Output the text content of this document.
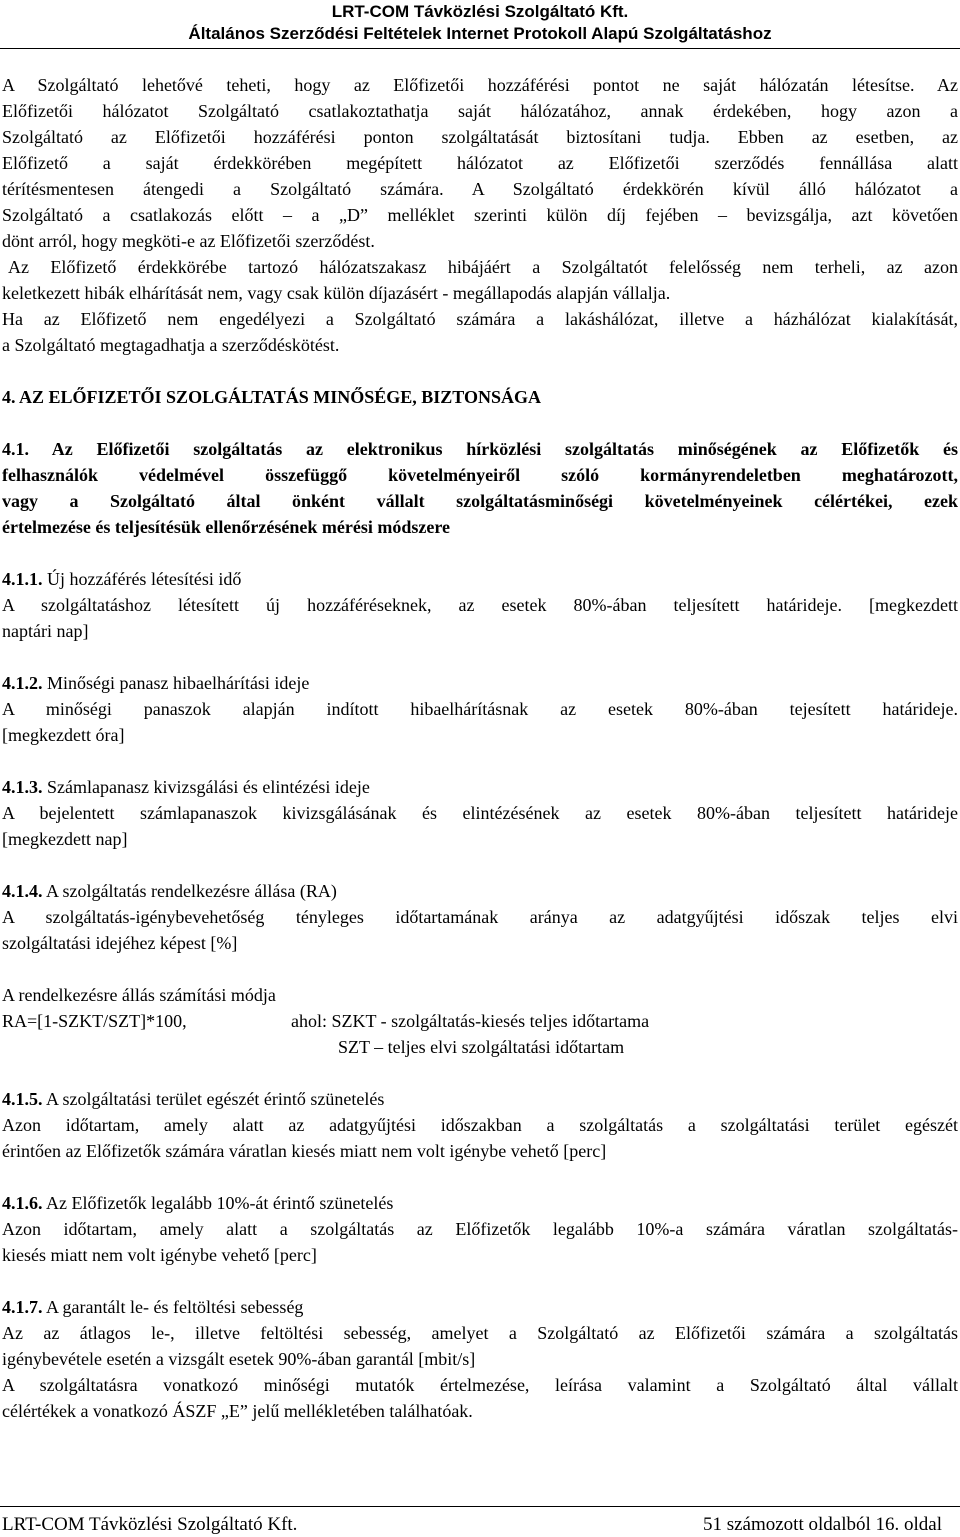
LRT-COM Távközlési Szolgáltató Kft.
Általános Szerződési Feltételek Internet Protokoll Alapú Szolgáltatáshoz

A Szolgáltató lehetővé teheti, hogy az Előfizetői hozzáférési pontot ne saját hálózatán létesítse. Az

Előfizetői hálózatot Szolgáltató csatlakoztathatja saját hálózatához, annak érdekében, hogy azon a

Szolgáltató az Előfizetői hozzáférési ponton szolgáltatását biztosítani tudja. Ebben az esetben, az

Előfizető a saját érdekkörében megépített hálózatot az Előfizetői szerződés fennállása alatt

térítésmentesen átengedi a Szolgáltató számára. A Szolgáltató érdekkörén kívül álló hálózatot a

Szolgáltató a csatlakozás előtt – a „D” melléklet szerinti külön díj fejében – bevizsgálja, azt követően

dönt arról, hogy megköti-e az Előfizetői szerződést.

Az Előfizető érdekkörébe tartozó hálózatszakasz hibájáért a Szolgáltatót felelősség nem terheli, az azon

keletkezett hibák elhárítását nem, vagy csak külön díjazásért - megállapodás alapján vállalja.

Ha az Előfizető nem engedélyezi a Szolgáltató számára a lakáshálózat, illetve a házhálózat kialakítását,

a Szolgáltató megtagadhatja a szerződéskötést.

4. AZ ELŐFIZETŐI SZOLGÁLTATÁS MINŐSÉGE, BIZTONSÁGA

4.1. Az Előfizetői szolgáltatás az elektronikus hírközlési szolgáltatás minőségének az Előfizetők és

felhasználók védelmével összefüggő követelményeiről szóló kormányrendeletben meghatározott,

vagy a Szolgáltató által önként vállalt szolgáltatásminőségi követelményeinek célértékei, ezek

értelmezése és teljesítésük ellenőrzésének mérési módszere

4.1.1. Új hozzáférés létesítési idő

A szolgáltatáshoz létesített új hozzáféréseknek, az esetek 80%-ában teljesített határideje. [megkezdett

naptári nap]

4.1.2. Minőségi panasz hibaelhárítási ideje

A minőségi panaszok alapján indított hibaelhárításnak az esetek 80%-ában tejesített határideje.

[megkezdett óra]

4.1.3. Számlapanasz kivizsgálási és elintézési ideje

A bejelentett számlapanaszok kivizsgálásának és elintézésének az esetek 80%-ában teljesített határideje

[megkezdett nap]

4.1.4. A szolgáltatás rendelkezésre állása (RA)

A szolgáltatás-igénybevehetőség tényleges időtartamának aránya az adatgyűjtési időszak teljes elvi

szolgáltatási idejéhez képest [%]

A rendelkezésre állás számítási módja

RA=[1-SZKT/SZT]*100,	ahol: SZKT - szolgáltatás-kiesés teljes időtartama
SZT – teljes elvi szolgáltatási időtartam

4.1.5. A szolgáltatási terület egészét érintő szünetelés

Azon időtartam, amely alatt az adatgyűjtési időszakban a szolgáltatás a szolgáltatási terület egészét

érintően az Előfizetők számára váratlan kiesés miatt nem volt igénybe vehető [perc]

4.1.6. Az Előfizetők legalább 10%-át érintő szünetelés

Azon időtartam, amely alatt a szolgáltatás az Előfizetők legalább 10%-a számára váratlan szolgáltatás-

kiesés miatt nem volt igénybe vehető [perc]

4.1.7. A garantált le- és feltöltési sebesség

Az az átlagos le-, illetve feltöltési sebesség, amelyet a Szolgáltató az Előfizetői számára a szolgáltatás

igénybevétele esetén a vizsgált esetek 90%-ában garantál [mbit/s]

A szolgáltatásra vonatkozó minőségi mutatók értelmezése, leírása valamint a Szolgáltató által vállalt

célértékek a vonatkozó ÁSZF „E” jelű mellékletében találhatóak.

LRT-COM Távközlési Szolgáltató Kft.	51 számozott oldalból 16. oldal
